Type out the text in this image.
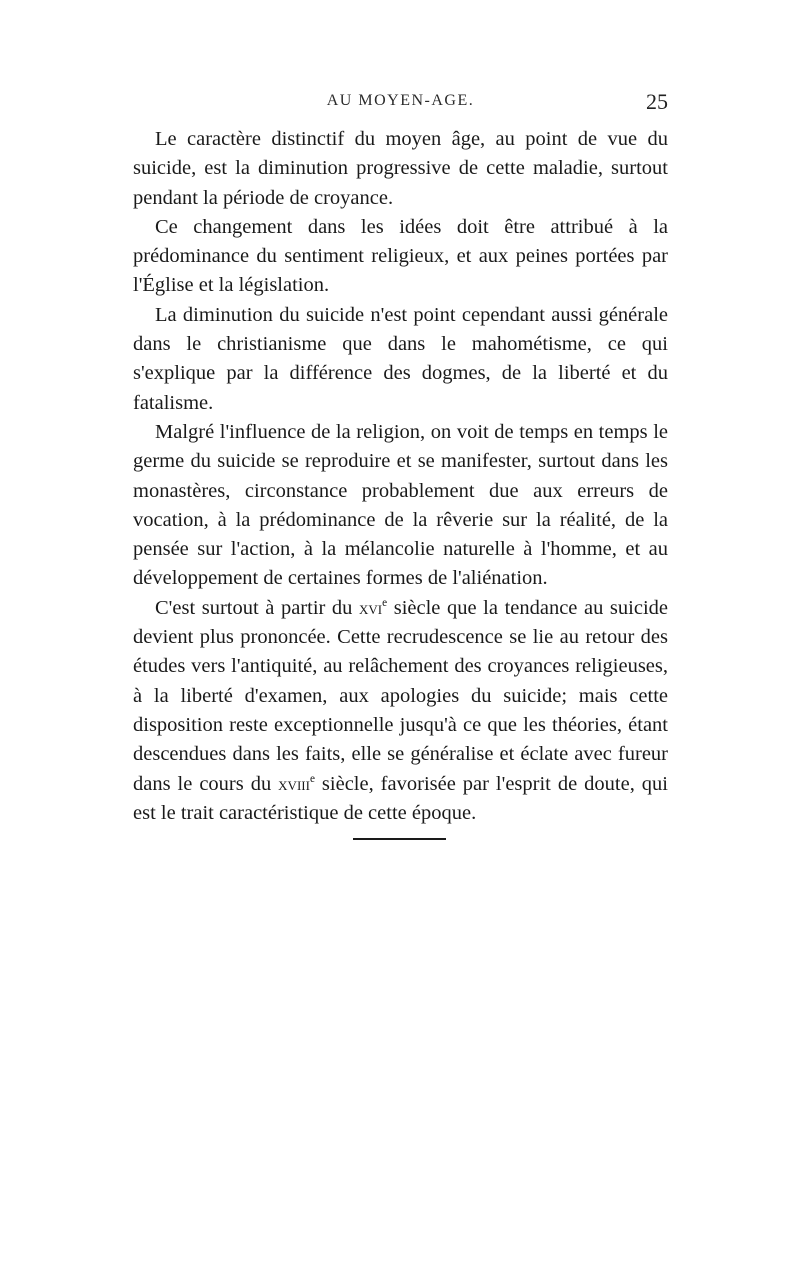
AU MOYEN-AGE.	25

Le caractère distinctif du moyen âge, au point de vue du suicide, est la diminution progressive de cette maladie, surtout pendant la période de croyance.

Ce changement dans les idées doit être attribué à la prédominance du sentiment religieux, et aux peines portées par l'Église et la législation.

La diminution du suicide n'est point cependant aussi générale dans le christianisme que dans le mahométisme, ce qui s'explique par la différence des dogmes, de la liberté et du fatalisme.

Malgré l'influence de la religion, on voit de temps en temps le germe du suicide se reproduire et se manifester, surtout dans les monastères, circonstance probablement due aux erreurs de vocation, à la prédominance de la rêverie sur la réalité, de la pensée sur l'action, à la mélancolie naturelle à l'homme, et au développement de certaines formes de l'aliénation.

C'est surtout à partir du xvi$^e$ siècle que la tendance au suicide devient plus prononcée. Cette recrudescence se lie au retour des études vers l'antiquité, au relâchement des croyances religieuses, à la liberté d'examen, aux apologies du suicide; mais cette disposition reste exceptionnelle jusqu'à ce que les théories, étant descendues dans les faits, elle se généralise et éclate avec fureur dans le cours du xviii$^e$ siècle, favorisée par l'esprit de doute, qui est le trait caractéristique de cette époque.
